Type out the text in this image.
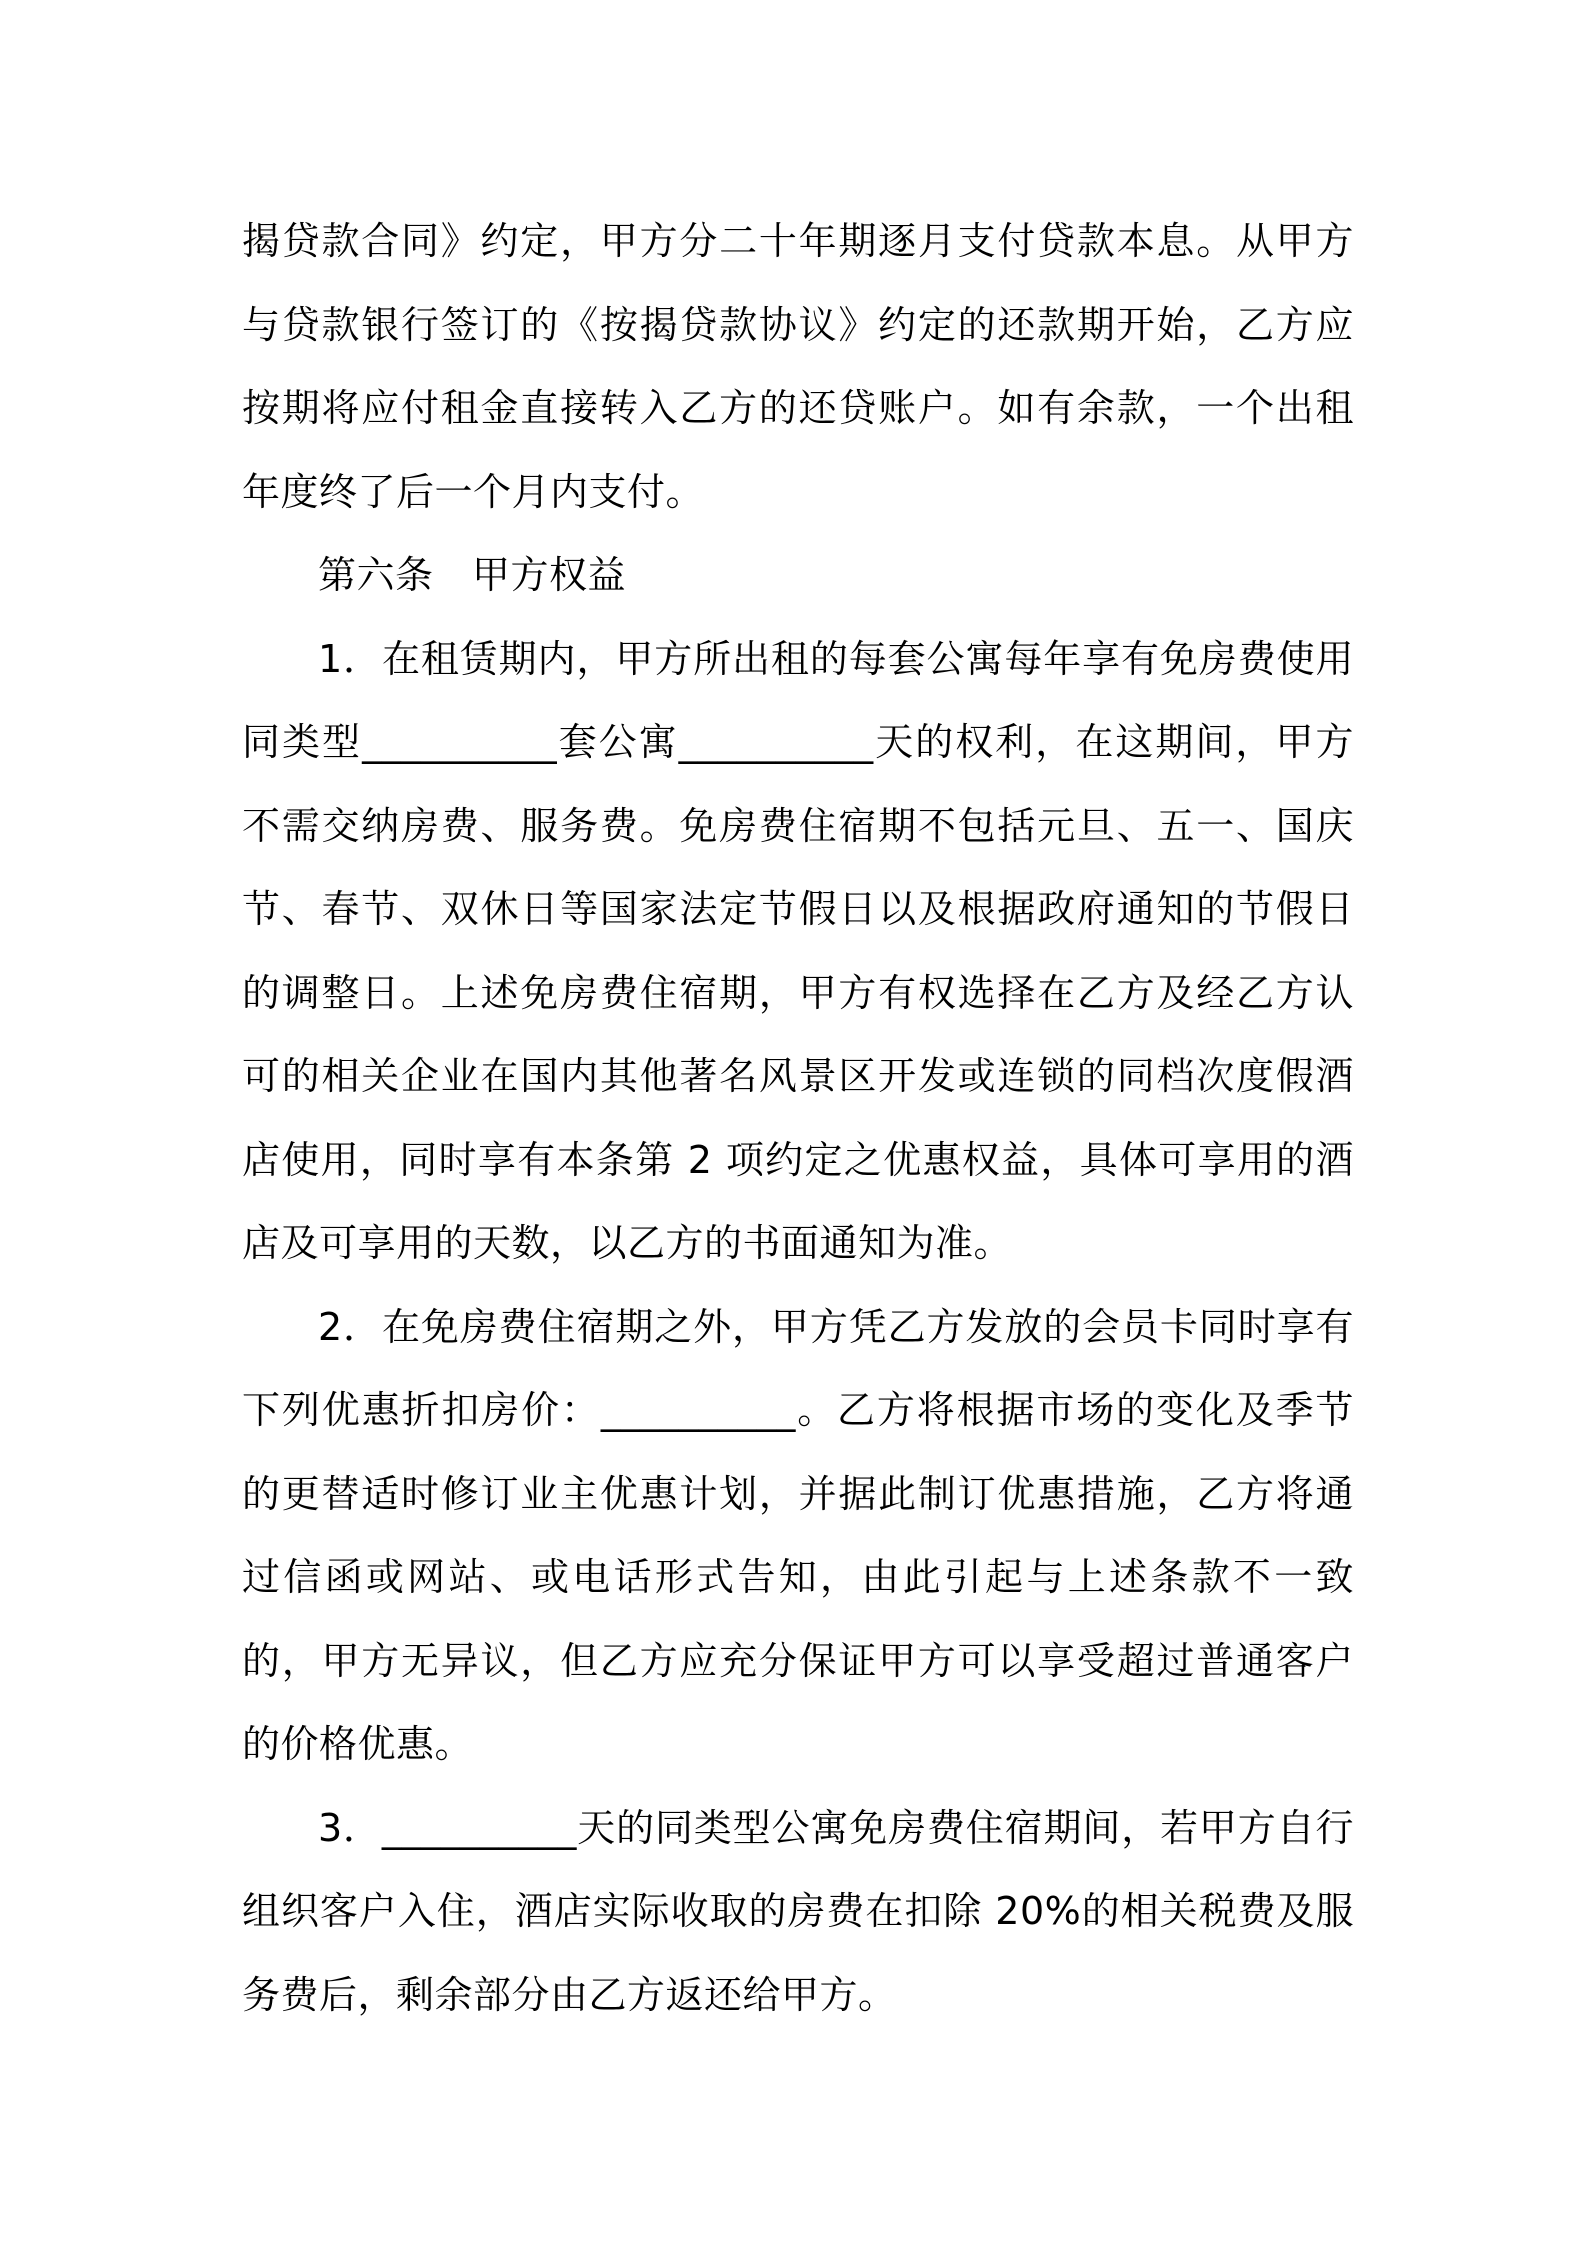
揭贷款合同》约定，甲方分二十年期逐月支付贷款本息。从甲方与贷款银行签订的《按揭贷款协议》约定的还款期开始，乙方应按期将应付租金直接转入乙方的还贷账户。如有余款，一个出租年度终了后一个月内支付。

第六条　甲方权益

1．在租赁期内，甲方所出租的每套公寓每年享有免房费使用同类型__________套公寓__________天的权利，在这期间，甲方不需交纳房费、服务费。免房费住宿期不包括元旦、五一、国庆节、春节、双休日等国家法定节假日以及根据政府通知的节假日的调整日。上述免房费住宿期，甲方有权选择在乙方及经乙方认可的相关企业在国内其他著名风景区开发或连锁的同档次度假酒店使用，同时享有本条第 2 项约定之优惠权益，具体可享用的酒店及可享用的天数，以乙方的书面通知为准。

2．在免房费住宿期之外，甲方凭乙方发放的会员卡同时享有下列优惠折扣房价：__________。乙方将根据市场的变化及季节的更替适时修订业主优惠计划，并据此制订优惠措施，乙方将通过信函或网站、或电话形式告知，由此引起与上述条款不一致的，甲方无异议，但乙方应充分保证甲方可以享受超过普通客户的价格优惠。

3．__________天的同类型公寓免房费住宿期间，若甲方自行组织客户入住，酒店实际收取的房费在扣除 20%的相关税费及服务费后，剩余部分由乙方返还给甲方。
